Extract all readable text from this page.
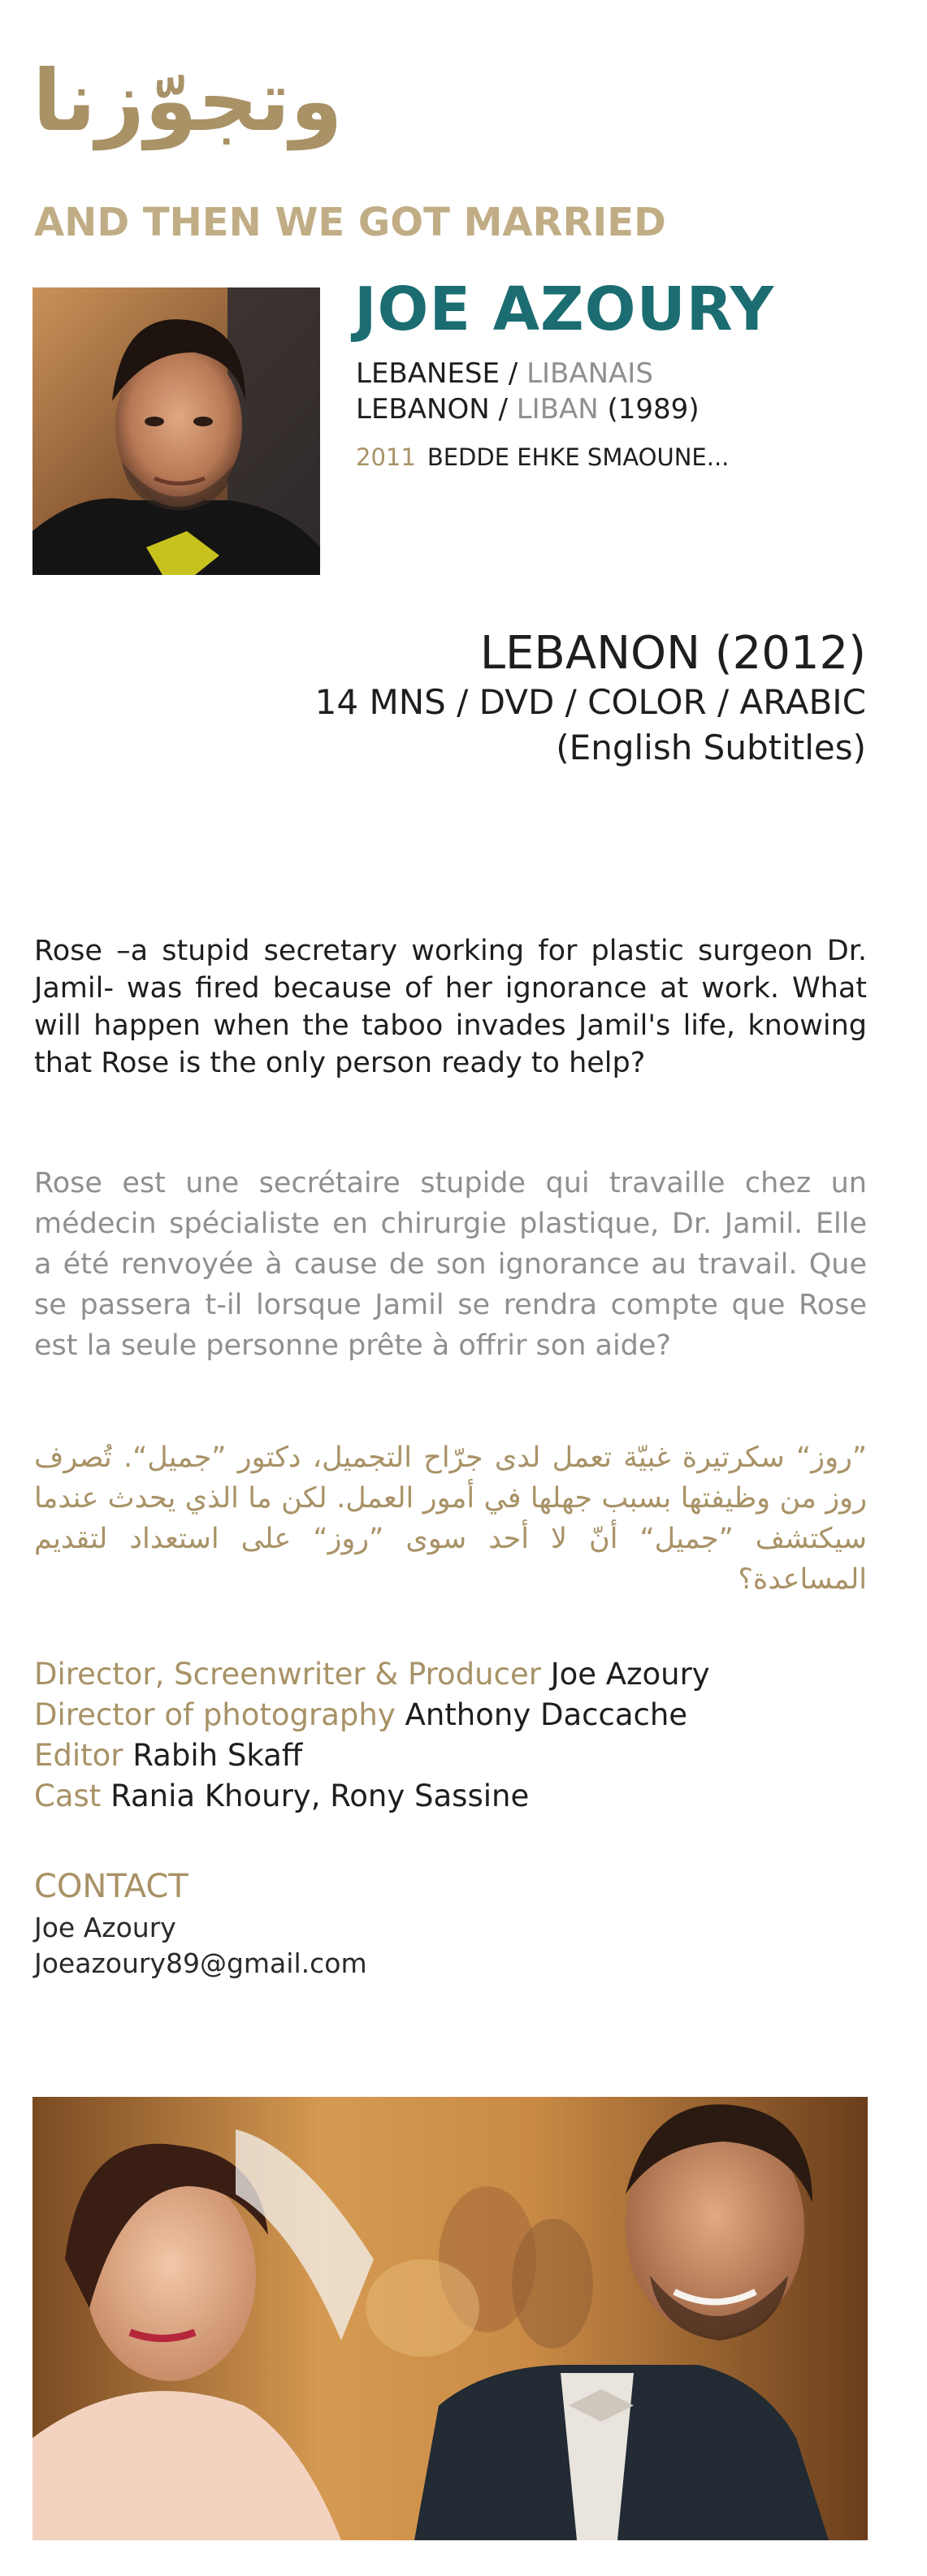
وتجوّزنا
AND THEN WE GOT MARRIED
JOE AZOURY
LEBANESE / LIBANAIS
LEBANON / LIBAN (1989)
2011 BEDDE EHKE SMAOUNE...
LEBANON (2012)
14 MNS / DVD / COLOR / ARABIC
(English Subtitles)
Rose –a stupid secretary working for plastic surgeon Dr. Jamil- was fired because of her ignorance at work. What will happen when the taboo invades Jamil's life, knowing that Rose is the only person ready to help?
Rose est une secrétaire stupide qui travaille chez un médecin spécialiste en chirurgie plastique, Dr. Jamil. Elle a été renvoyée à cause de son ignorance au travail. Que se passera t-il lorsque Jamil se rendra compte que Rose est la seule personne prête à offrir son aide?
”روز“ سكرتيرة غبيّة تعمل لدى جرّاح التجميل، دكتور ”جميل“. تُصرف روز من وظيفتها بسبب جهلها في أمور العمل. لكن ما الذي يحدث عندما سيكتشف ”جميل“ أنّ لا أحد سوى ”روز“ على استعداد لتقديم المساعدة؟
Director, Screenwriter & Producer Joe Azoury
Director of photography Anthony Daccache
Editor Rabih Skaff
Cast Rania Khoury, Rony Sassine
CONTACT
Joe Azoury
Joeazoury89@gmail.com
